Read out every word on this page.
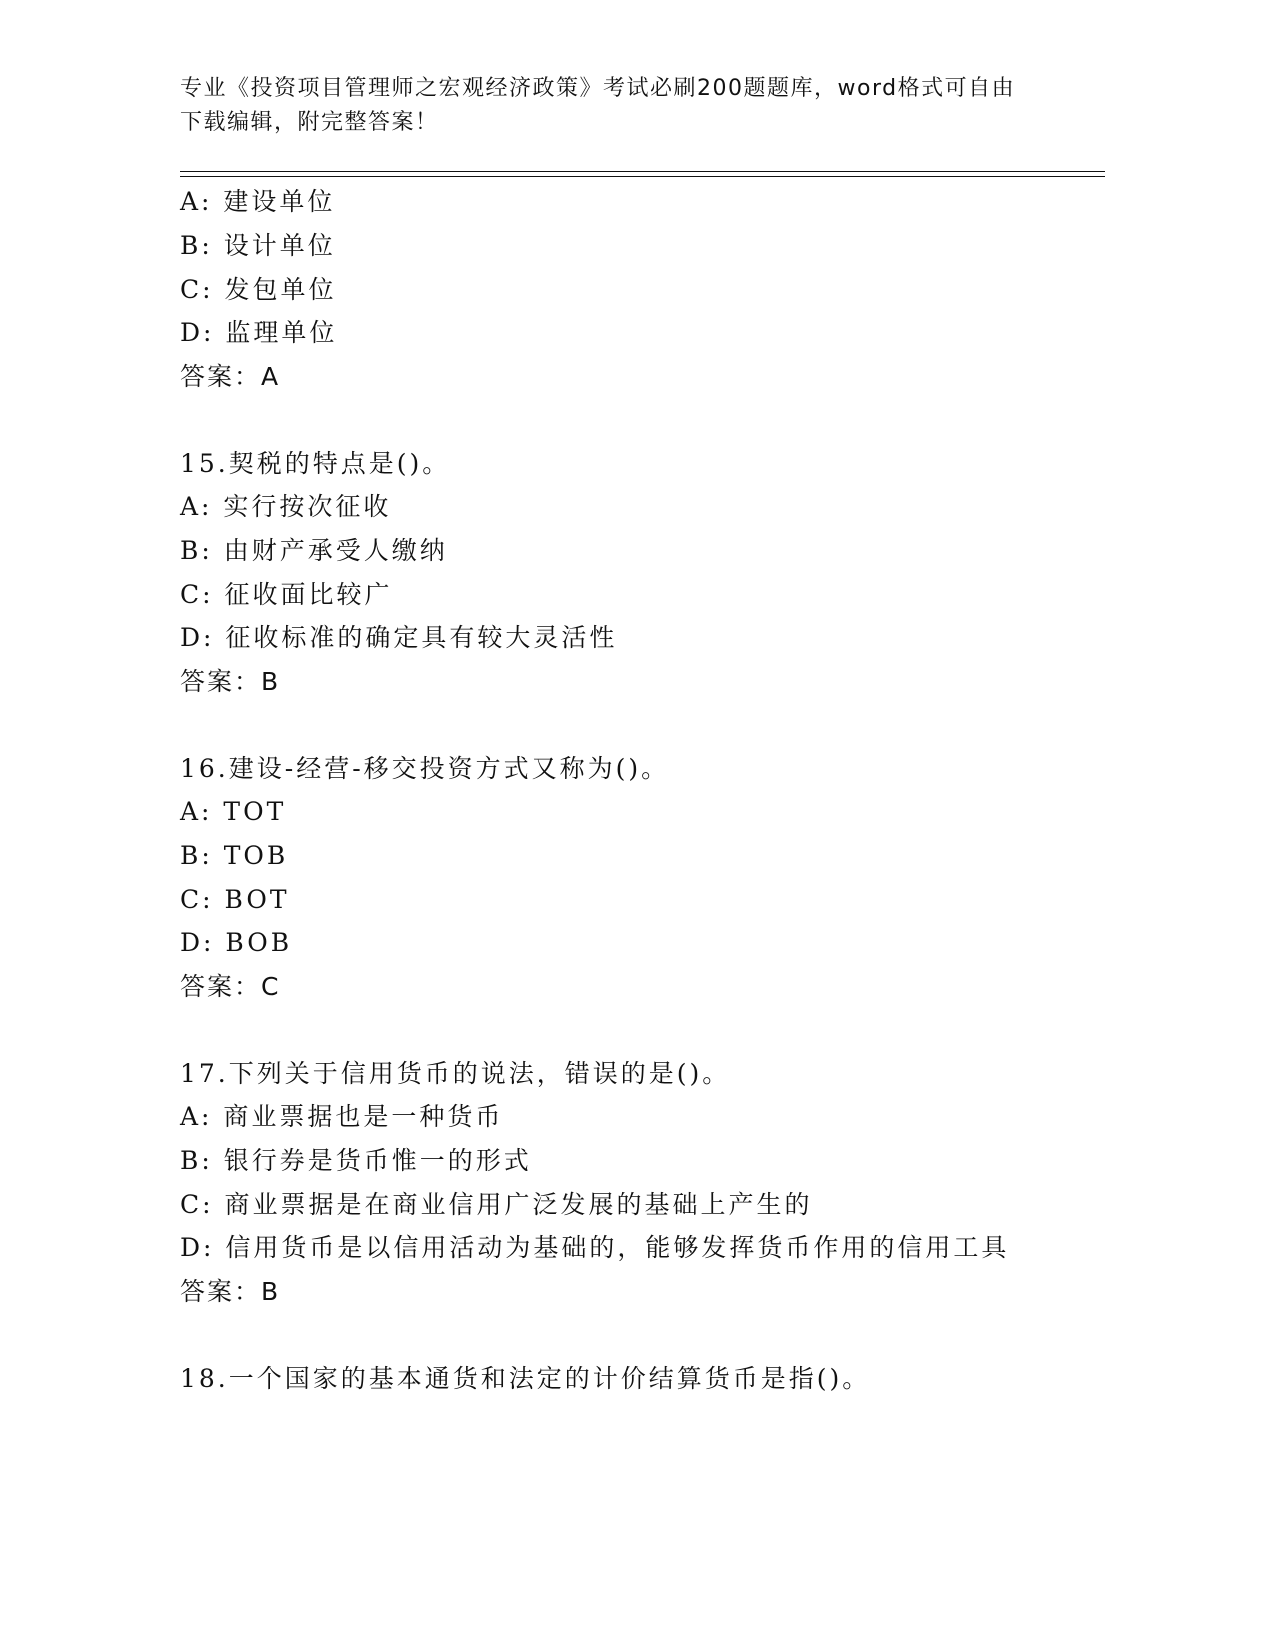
专业《投资项目管理师之宏观经济政策》考试必刷200题题库，word格式可自由
下载编辑，附完整答案！
A: 建设单位
B: 设计单位
C: 发包单位
D: 监理单位
答案：A
15.契税的特点是()。
A: 实行按次征收
B: 由财产承受人缴纳
C: 征收面比较广
D: 征收标准的确定具有较大灵活性
答案：B
16.建设-经营-移交投资方式又称为()。
A: TOT
B: TOB
C: BOT
D: BOB
答案：C
17.下列关于信用货币的说法，错误的是()。
A: 商业票据也是一种货币
B: 银行券是货币惟一的形式
C: 商业票据是在商业信用广泛发展的基础上产生的
D: 信用货币是以信用活动为基础的，能够发挥货币作用的信用工具
答案：B
18.一个国家的基本通货和法定的计价结算货币是指()。
